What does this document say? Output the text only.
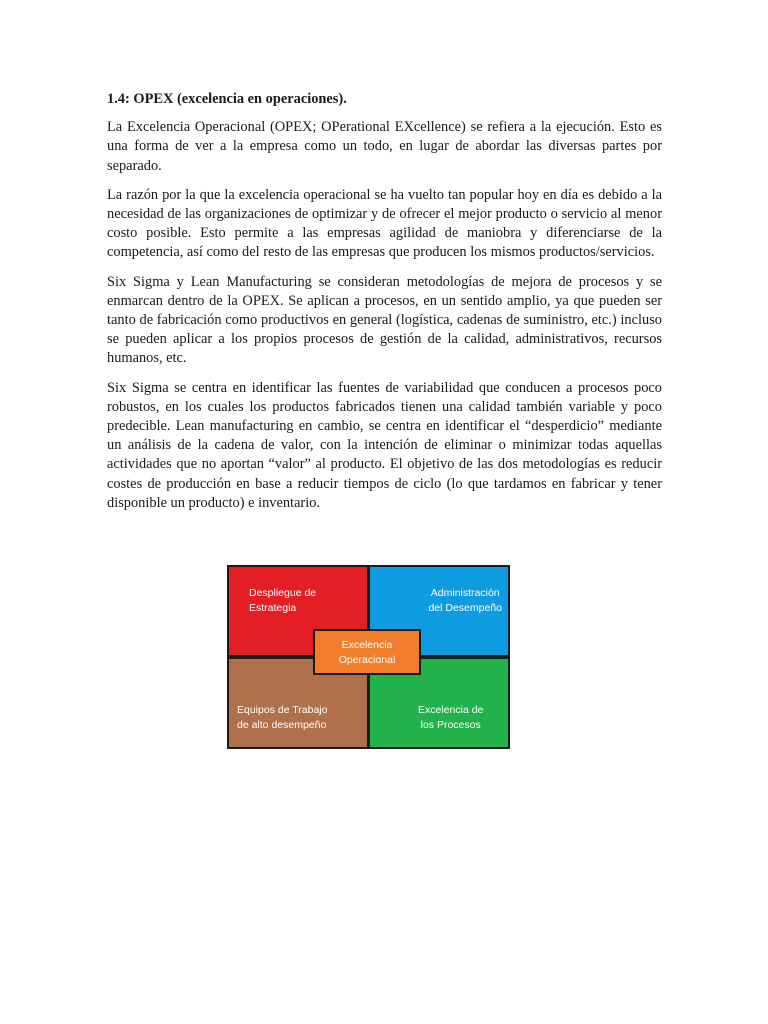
1.4: OPEX (excelencia en operaciones).

La Excelencia Operacional (OPEX; OPerational EXcellence) se refiera a la ejecución. Esto es una forma de ver a la empresa como un todo, en lugar de abordar las diversas partes por separado.

La razón por la que la excelencia operacional se ha vuelto tan popular hoy en día es debido a la necesidad de las organizaciones de optimizar y de ofrecer el mejor producto o servicio al menor costo posible. Esto permite a las empresas agilidad de maniobra y diferenciarse de la competencia, así como del resto de las empresas que producen los mismos productos/servicios.

Six Sigma y Lean Manufacturing se consideran metodologías de mejora de procesos y se enmarcan dentro de la OPEX. Se aplican a procesos, en un sentido amplio, ya que pueden ser tanto de fabricación como productivos en general (logística, cadenas de suministro, etc.) incluso se pueden aplicar a los propios procesos de gestión de la calidad, administrativos, recursos humanos, etc.

Six Sigma se centra en identificar las fuentes de variabilidad que conducen a procesos poco robustos, en los cuales los productos fabricados tienen una calidad también variable y poco predecible. Lean manufacturing en cambio, se centra en identificar el “desperdicio” mediante un análisis de la cadena de valor, con la intención de eliminar o minimizar todas aquellas actividades que no aportan “valor” al producto. El objetivo de las dos metodologías es reducir costes de producción en base a reducir tiempos de ciclo (lo que tardamos en fabricar y tener disponible un producto) e inventario.

Despliegue de
Estrategia
Administración
del Desempeño
Equipos de Trabajo
de alto desempeño
Excelencia de
los Procesos
Excelencia
Operacional
